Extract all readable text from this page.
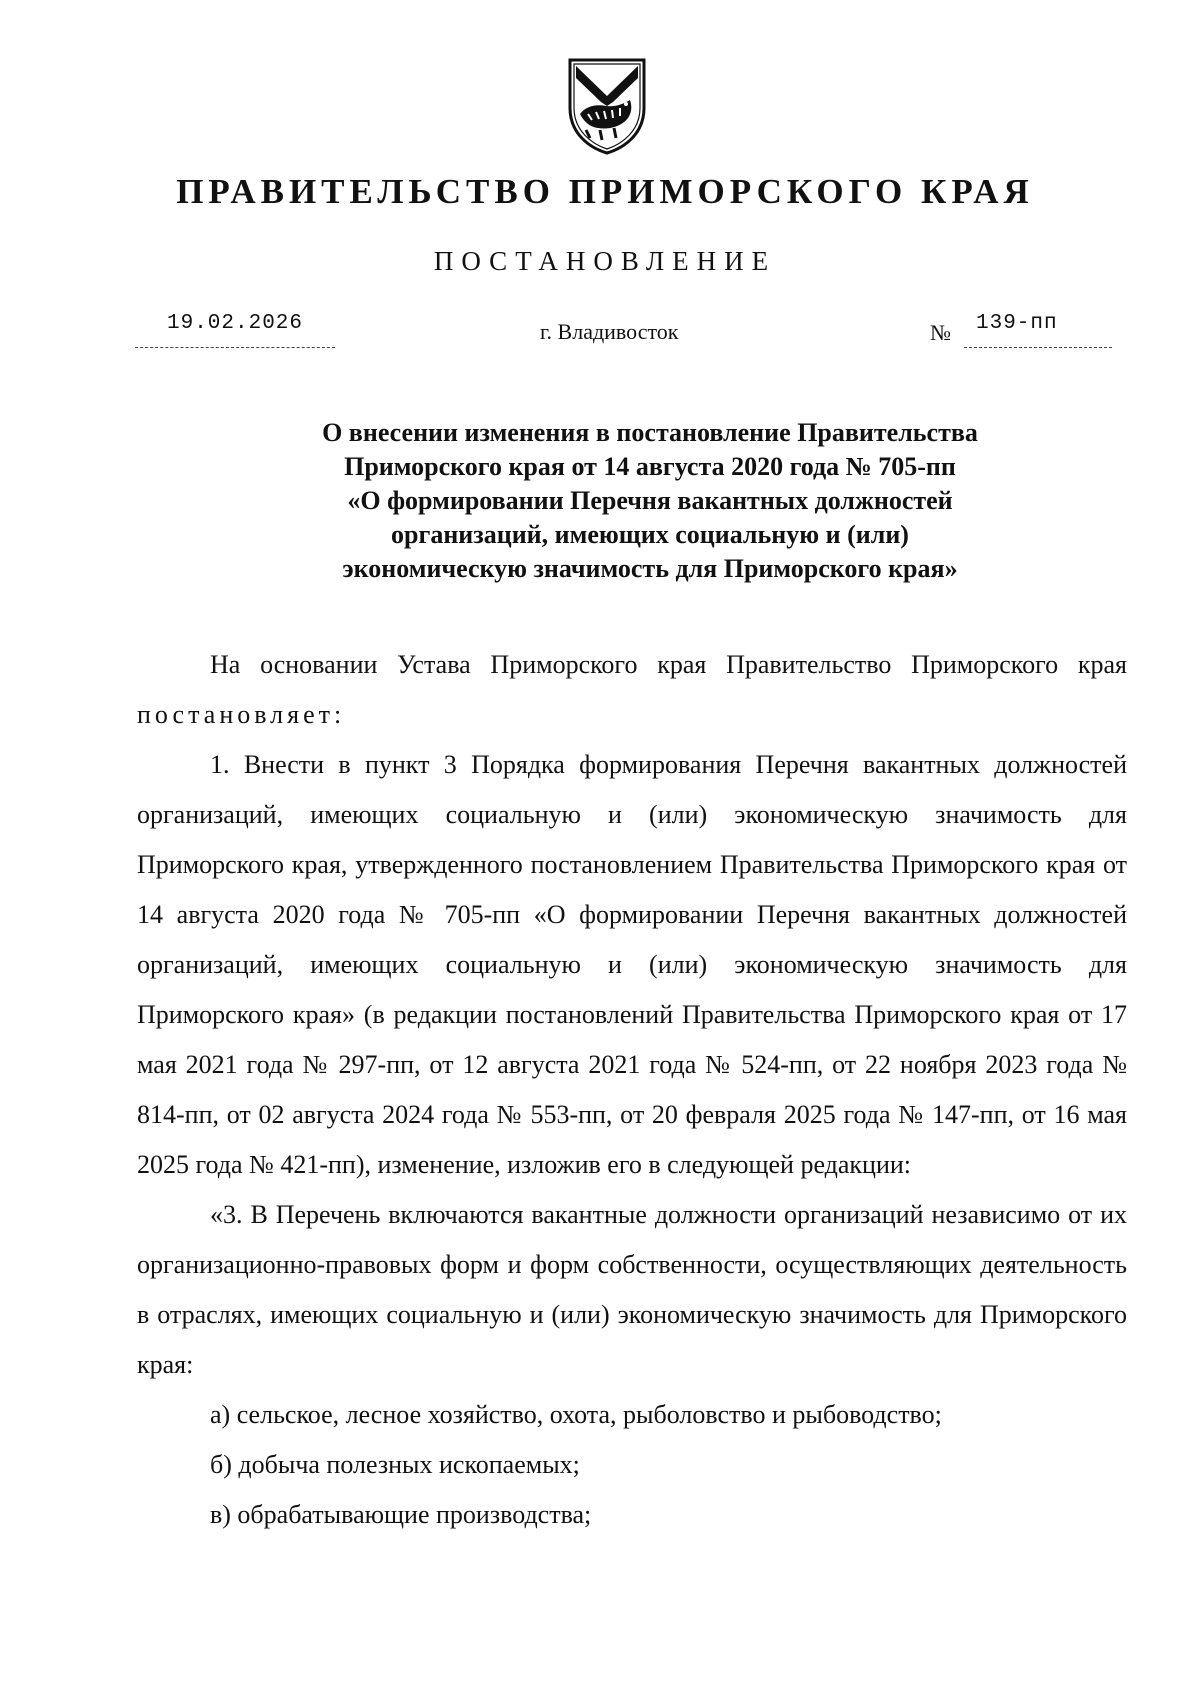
ПРАВИТЕЛЬСТВО ПРИМОРСКОГО КРАЯ
ПОСТАНОВЛЕНИЕ
19.02.2026	г. Владивосток	№	139-пп
О внесении изменения в постановление Правительства
Приморского края от 14 августа 2020 года № 705-пп
«О формировании Перечня вакантных должностей
организаций, имеющих социальную и (или)
экономическую значимость для Приморского края»

На основании Устава Приморского края Правительство Приморского края постановляет:

1. Внести в пункт 3 Порядка формирования Перечня вакантных должностей организаций, имеющих социальную и (или) экономическую значимость для Приморского края, утвержденного постановлением Правительства Приморского края от 14 августа 2020 года № 705-пп «О формировании Перечня вакантных должностей организаций, имеющих социальную и (или) экономическую значимость для Приморского края» (в редакции постановлений Правительства Приморского края от 17 мая 2021 года № 297-пп, от 12 августа 2021 года № 524-пп, от 22 ноября 2023 года № 814-пп, от 02 августа 2024 года № 553-пп, от 20 февраля 2025 года № 147-пп, от 16 мая 2025 года № 421-пп), изменение, изложив его в следующей редакции:

«3. В Перечень включаются вакантные должности организаций независимо от их организационно-правовых форм и форм собственности, осуществляющих деятельность в отраслях, имеющих социальную и (или) экономическую значимость для Приморского края:

а) сельское, лесное хозяйство, охота, рыболовство и рыбоводство;

б) добыча полезных ископаемых;

в) обрабатывающие производства;
